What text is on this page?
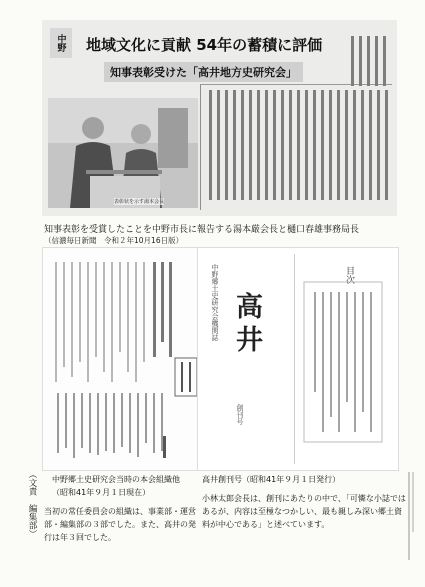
中野	地域文化に貢献 54年の蓄積に評価
知事表彰受けた「高井地方史研究会」
表彰状を示す湯本会長
知事表彰を受賞したことを中野市長に報告する湯本厳会長と樋口春雄事務局長
（信濃毎日新聞　令和２年10月16日版）
中野郷土史研究会当時の本会組織他
（昭和41年９月１日現在）
中野郷土史研究会機関誌 高井
創刊号
目次
高井創刊号（昭和41年９月１日発行）
（文責　編集部） 当初の常任委員会の組織は、事業部・運営部・編集部の３部でした。また、高井の発行は年３回でした。
小林太郎会長は、創刊にあたりの中で、「可憐な小誌ではあるが、内容は至極なつかしい、最も親しみ深い郷土資料が中心である」と述べています。
